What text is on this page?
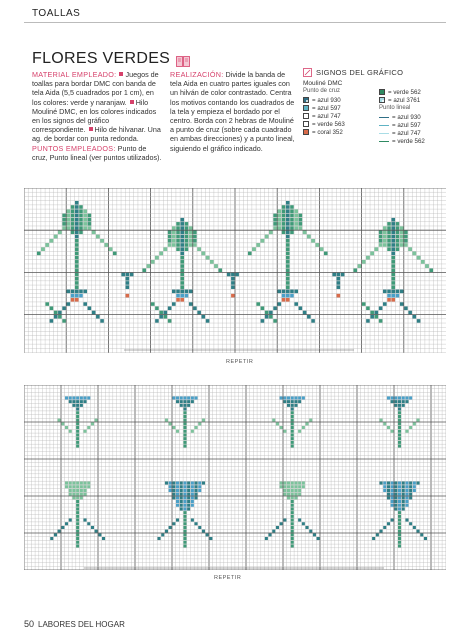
TOALLAS
FLORES VERDES
MATERIAL EMPLEADO: Juegos de toallas para bordar DMC con banda de tela Aida (5,5 cuadrados por 1 cm), en los colores: verde y naranjaw. Hilo Mouliné DMC, en los colores indicados en los signos del gráfico correspondiente. Hilo de hilvanar. Una ag. de bordar con punta redonda. PUNTOS EMPLEADOS: Punto de cruz, Punto lineal (ver puntos utilizados).
REALIZACIÓN: Divide la banda de tela Aida en cuatro partes iguales con un hilván de color contrastado. Centra los motivos contando los cuadrados de la tela y empieza el bordado por el centro. Borda con 2 hebras de Mouliné a punto de cruz (sobre cada cuadrado en ambas direcciones) y a punto lineal, siguiendo el gráfico indicado.
SIGNOS DEL GRÁFICO
Mouliné DMC
Punto de cruz
= azul 930
= azul 597
= azul 747
= verde 563
= coral 352
= verde 562
= azul 3761
Punto lineal
= azul 930
= azul 597
= azul 747
= verde 562
REPETIR
REPETIR
50 LABORES DEL HOGAR
